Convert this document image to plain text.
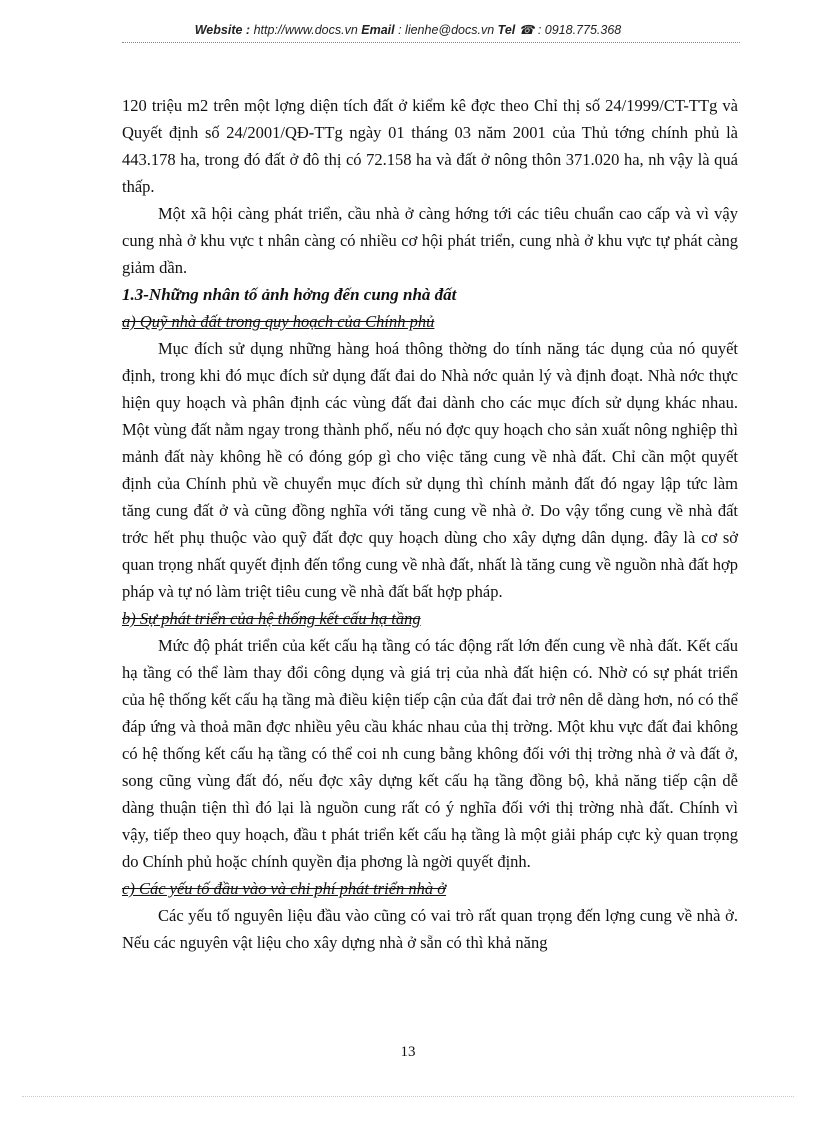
Website : http://www.docs.vn Email : lienhe@docs.vn Tel ☎ : 0918.775.368

120 triệu m2 trên một lợng diện tích đất ở kiểm kê đợc theo Chỉ thị số 24/1999/CT-TTg và Quyết định số 24/2001/QĐ-TTg ngày 01 tháng 03 năm 2001 của Thủ tớng chính phủ là 443.178 ha, trong đó đất ở đô thị có 72.158 ha và đất ở nông thôn 371.020 ha, nh vậy là quá thấp.

Một xã hội càng phát triển, cầu nhà ở càng hớng tới các tiêu chuẩn cao cấp và vì vậy cung nhà ở khu vực t nhân càng có nhiều cơ hội phát triển, cung nhà ở khu vực tự phát càng giảm dần.

1.3-Những nhân tố ảnh hởng đến cung nhà đất

a) Quỹ nhà đất trong quy hoạch của Chính phủ

Mục đích sử dụng những hàng hoá thông thờng do tính năng tác dụng của nó quyết định, trong khi đó mục đích sử dụng đất đai do Nhà nớc quản lý và định đoạt. Nhà nớc thực hiện quy hoạch và phân định các vùng đất đai dành cho các mục đích sử dụng khác nhau. Một vùng đất nằm ngay trong thành phố, nếu nó đợc quy hoạch cho sản xuất nông nghiệp thì mảnh đất này không hề có đóng góp gì cho việc tăng cung về nhà đất. Chỉ cần một quyết định của Chính phủ về chuyển mục đích sử dụng thì chính mảnh đất đó ngay lập tức làm tăng cung đất ở và cũng đồng nghĩa với tăng cung về nhà ở. Do vậy tổng cung về nhà đất trớc hết phụ thuộc vào quỹ đất đợc quy hoạch dùng cho xây dựng dân dụng. đây là cơ sở quan trọng nhất quyết định đến tổng cung về nhà đất, nhất là tăng cung về nguồn nhà đất hợp pháp và tự nó làm triệt tiêu cung về nhà đất bất hợp pháp.

b) Sự phát triển của hệ thống kết cấu hạ tầng

Mức độ phát triển của kết cấu hạ tầng có tác động rất lớn đến cung về nhà đất. Kết cấu hạ tầng có thể làm thay đổi công dụng và giá trị của nhà đất hiện có. Nhờ có sự phát triển của hệ thống kết cấu hạ tầng mà điều kiện tiếp cận của đất đai trở nên dễ dàng hơn, nó có thể đáp ứng và thoả mãn đợc nhiều yêu cầu khác nhau của thị trờng. Một khu vực đất đai không có hệ thống kết cấu hạ tầng có thể coi nh cung bằng không đối với thị trờng nhà ở và đất ở, song cũng vùng đất đó, nếu đợc xây dựng kết cấu hạ tầng đồng bộ, khả năng tiếp cận dễ dàng thuận tiện thì đó lại là nguồn cung rất có ý nghĩa đối với thị trờng nhà đất. Chính vì vậy, tiếp theo quy hoạch, đầu t phát triển kết cấu hạ tầng là một giải pháp cực kỳ quan trọng do Chính phủ hoặc chính quyền địa phơng là ngời quyết định.

c) Các yếu tố đầu vào và chi phí phát triển nhà ở

Các yếu tố nguyên liệu đầu vào cũng có vai trò rất quan trọng đến lợng cung về nhà ở. Nếu các nguyên vật liệu cho xây dựng nhà ở sẵn có thì khả năng

13
